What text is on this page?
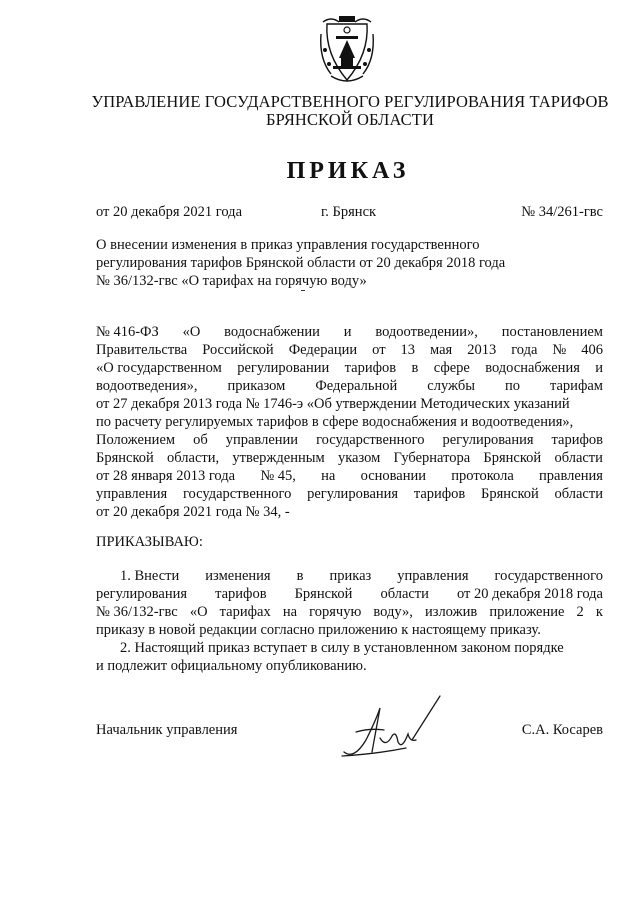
УПРАВЛЕНИЕ ГОСУДАРСТВЕННОГО РЕГУЛИРОВАНИЯ ТАРИФОВ
БРЯНСКОЙ ОБЛАСТИ
ПРИКАЗ
от 20 декабря 2021 года	г. Брянск	№ 34/261-гвс
О внесении изменения в приказ управления государственного
регулирования тарифов Брянской области от 20 декабря 2018 года
№ 36/132-гвс «О тарифах на горячую воду»
№ 416-ФЗ «О водоснабжении и водоотведении», постановлением
Правительства Российской Федерации от 13 мая 2013 года № 406
«О государственном регулировании тарифов в сфере водоснабжения и
водоотведения», приказом Федеральной службы по тарифам
от 27 декабря 2013 года № 1746-э «Об утверждении Методических указаний
по расчету регулируемых тарифов в сфере водоснабжения и водоотведения»,
Положением об управлении государственного регулирования тарифов
Брянской области, утвержденным указом Губернатора Брянской области
от 28 января 2013 года № 45, на основании протокола правления
управления государственного регулирования тарифов Брянской области
от 20 декабря 2021 года № 34, -
ПРИКАЗЫВАЮ:
1. Внести изменения в приказ управления государственного
регулирования тарифов Брянской области от 20 декабря 2018 года
№ 36/132-гвс «О тарифах на горячую воду», изложив приложение 2 к
приказу в новой редакции согласно приложению к настоящему приказу.
2. Настоящий приказ вступает в силу в установленном законом порядке
и подлежит официальному опубликованию.
Начальник управления	С.А. Косарев
